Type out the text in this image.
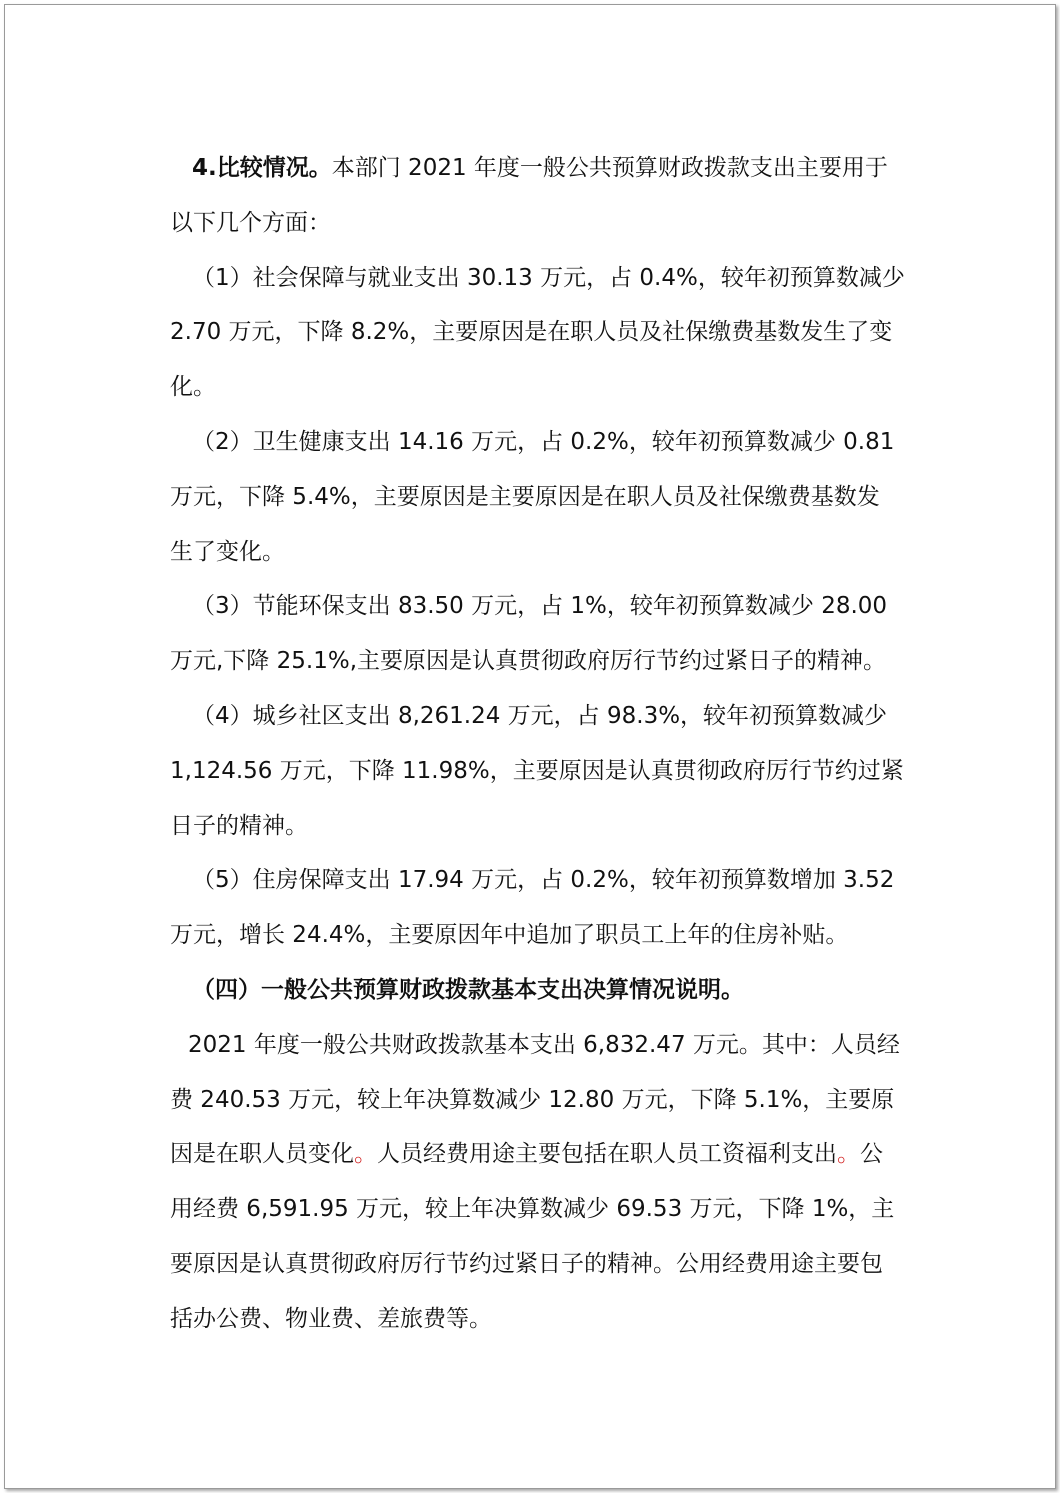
4.比较情况。本部门 2021 年度一般公共预算财政拨款支出主要用于
以下几个方面：
（1）社会保障与就业支出 30.13 万元，占 0.4%，较年初预算数减少
2.70 万元，下降 8.2%，主要原因是在职人员及社保缴费基数发生了变
化。
（2）卫生健康支出 14.16 万元，占 0.2%，较年初预算数减少 0.81
万元，下降 5.4%，主要原因是主要原因是在职人员及社保缴费基数发
生了变化。
（3）节能环保支出 83.50 万元，占 1%，较年初预算数减少 28.00
万元,下降 25.1%,主要原因是认真贯彻政府厉行节约过紧日子的精神。
（4）城乡社区支出 8,261.24 万元，占 98.3%，较年初预算数减少
1,124.56 万元，下降 11.98%，主要原因是认真贯彻政府厉行节约过紧
日子的精神。
（5）住房保障支出 17.94 万元，占 0.2%，较年初预算数增加 3.52
万元，增长 24.4%，主要原因年中追加了职员工上年的住房补贴。
（四）一般公共预算财政拨款基本支出决算情况说明。
2021 年度一般公共财政拨款基本支出 6,832.47 万元。其中：人员经
费 240.53 万元，较上年决算数减少 12.80 万元，下降 5.1%，主要原
因是在职人员变化。人员经费用途主要包括在职人员工资福利支出。公
用经费 6,591.95 万元，较上年决算数减少 69.53 万元，下降 1%，主
要原因是认真贯彻政府厉行节约过紧日子的精神。公用经费用途主要包
括办公费、物业费、差旅费等。
